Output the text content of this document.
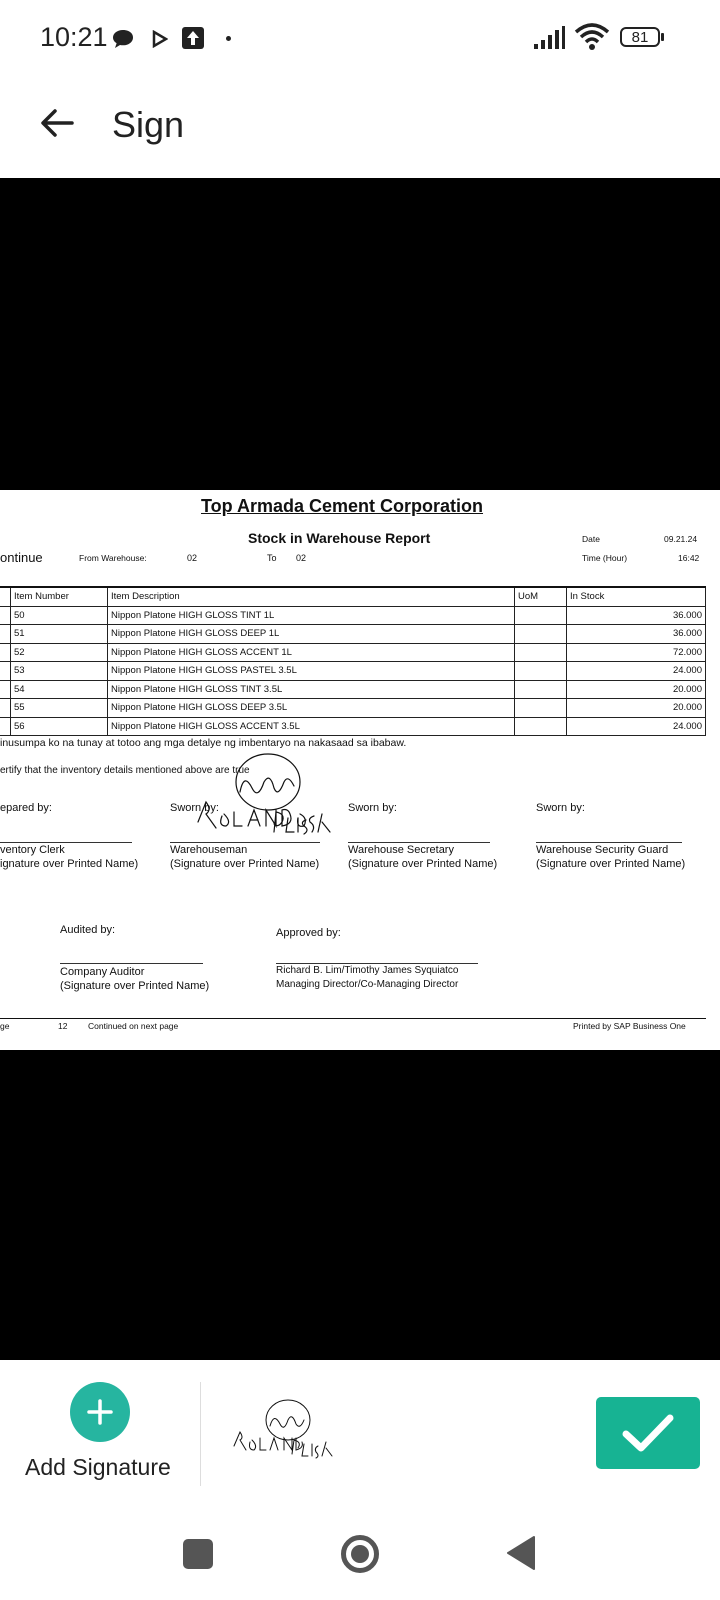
10:21	81
Sign
Top Armada Cement Corporation
Stock in Warehouse Report
ontinue	From Warehouse:	02	To 02
Date	09.21.24
Time (Hour)	16:42
	Item Number	Item Description	UoM	In Stock
	50	Nippon Platone HIGH GLOSS TINT 1L		36.000
	51	Nippon Platone HIGH GLOSS DEEP 1L		36.000
	52	Nippon Platone HIGH GLOSS ACCENT 1L		72.000
	53	Nippon Platone HIGH GLOSS PASTEL 3.5L		24.000
	54	Nippon Platone HIGH GLOSS TINT 3.5L		20.000
	55	Nippon Platone HIGH GLOSS DEEP 3.5L		20.000
	56	Nippon Platone HIGH GLOSS ACCENT 3.5L		24.000
inusumpa ko na tunay at totoo ang mga detalye ng imbentaryo na nakasaad sa ibabaw.
ertify that the inventory details mentioned above are true
epared by:	Sworn by:	Sworn by:	Sworn by:
ventory Clerk
ignature over Printed Name)
Warehouseman
(Signature over Printed Name)
Warehouse Secretary
(Signature over Printed Name)
Warehouse Security Guard
(Signature over Printed Name)
Audited by:	Approved by:
Company Auditor
(Signature over Printed Name)
Richard B. Lim/Timothy James Syquiatco
Managing Director/Co-Managing Director
ge	12 Continued on next page	Printed by SAP Business One
Add Signature
